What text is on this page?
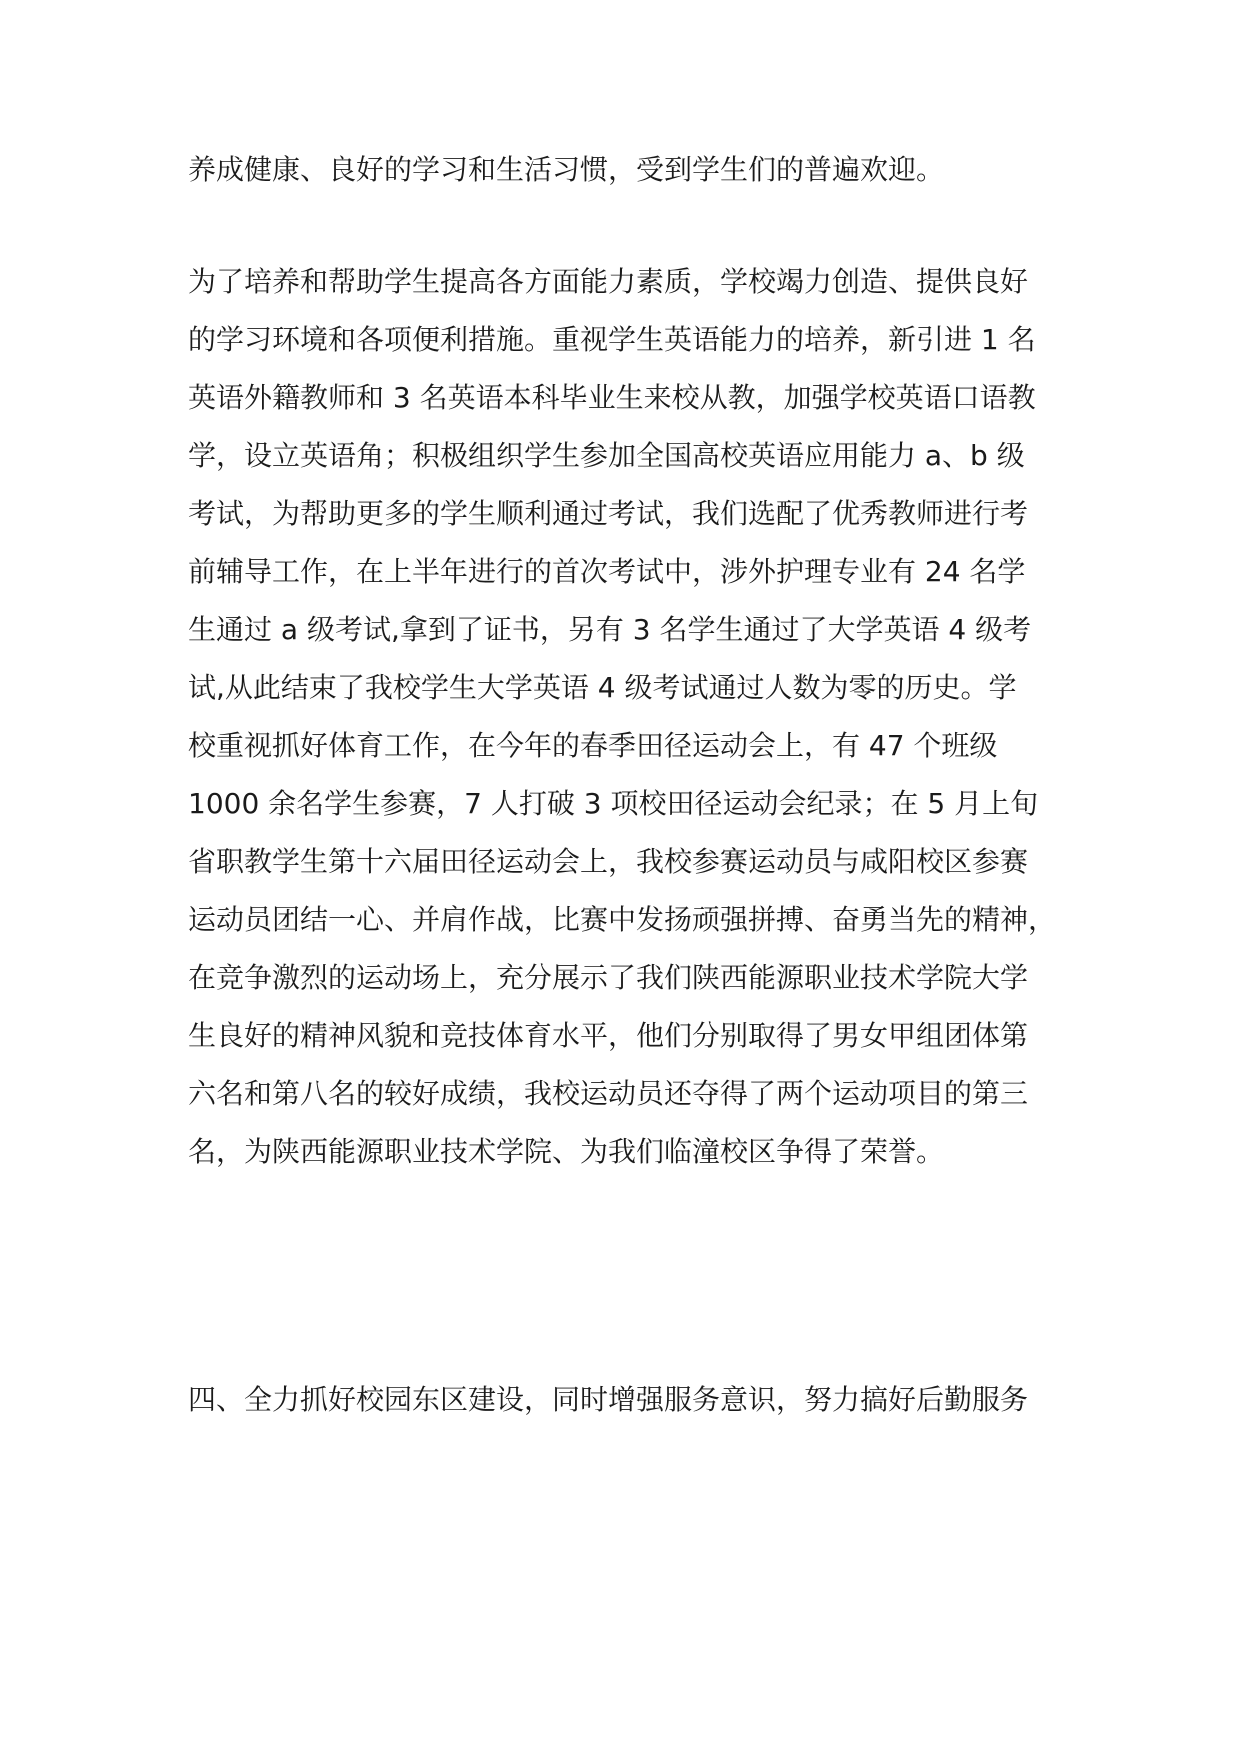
养成健康、良好的学习和生活习惯，受到学生们的普遍欢迎。
为了培养和帮助学生提高各方面能力素质，学校竭力创造、提供良好
的学习环境和各项便利措施。重视学生英语能力的培养，新引进 1 名
英语外籍教师和 3 名英语本科毕业生来校从教，加强学校英语口语教
学，设立英语角；积极组织学生参加全国高校英语应用能力 a、b 级
考试，为帮助更多的学生顺利通过考试，我们选配了优秀教师进行考
前辅导工作，在上半年进行的首次考试中，涉外护理专业有 24 名学
生通过 a 级考试,拿到了证书，另有 3 名学生通过了大学英语 4 级考
试,从此结束了我校学生大学英语 4 级考试通过人数为零的历史。学
校重视抓好体育工作，在今年的春季田径运动会上，有 47 个班级
1000 余名学生参赛，7 人打破 3 项校田径运动会纪录；在 5 月上旬
省职教学生第十六届田径运动会上，我校参赛运动员与咸阳校区参赛
运动员团结一心、并肩作战，比赛中发扬顽强拼搏、奋勇当先的精神，
在竞争激烈的运动场上，充分展示了我们陕西能源职业技术学院大学
生良好的精神风貌和竞技体育水平，他们分别取得了男女甲组团体第
六名和第八名的较好成绩，我校运动员还夺得了两个运动项目的第三
名，为陕西能源职业技术学院、为我们临潼校区争得了荣誉。
四、全力抓好校园东区建设，同时增强服务意识，努力搞好后勤服务
